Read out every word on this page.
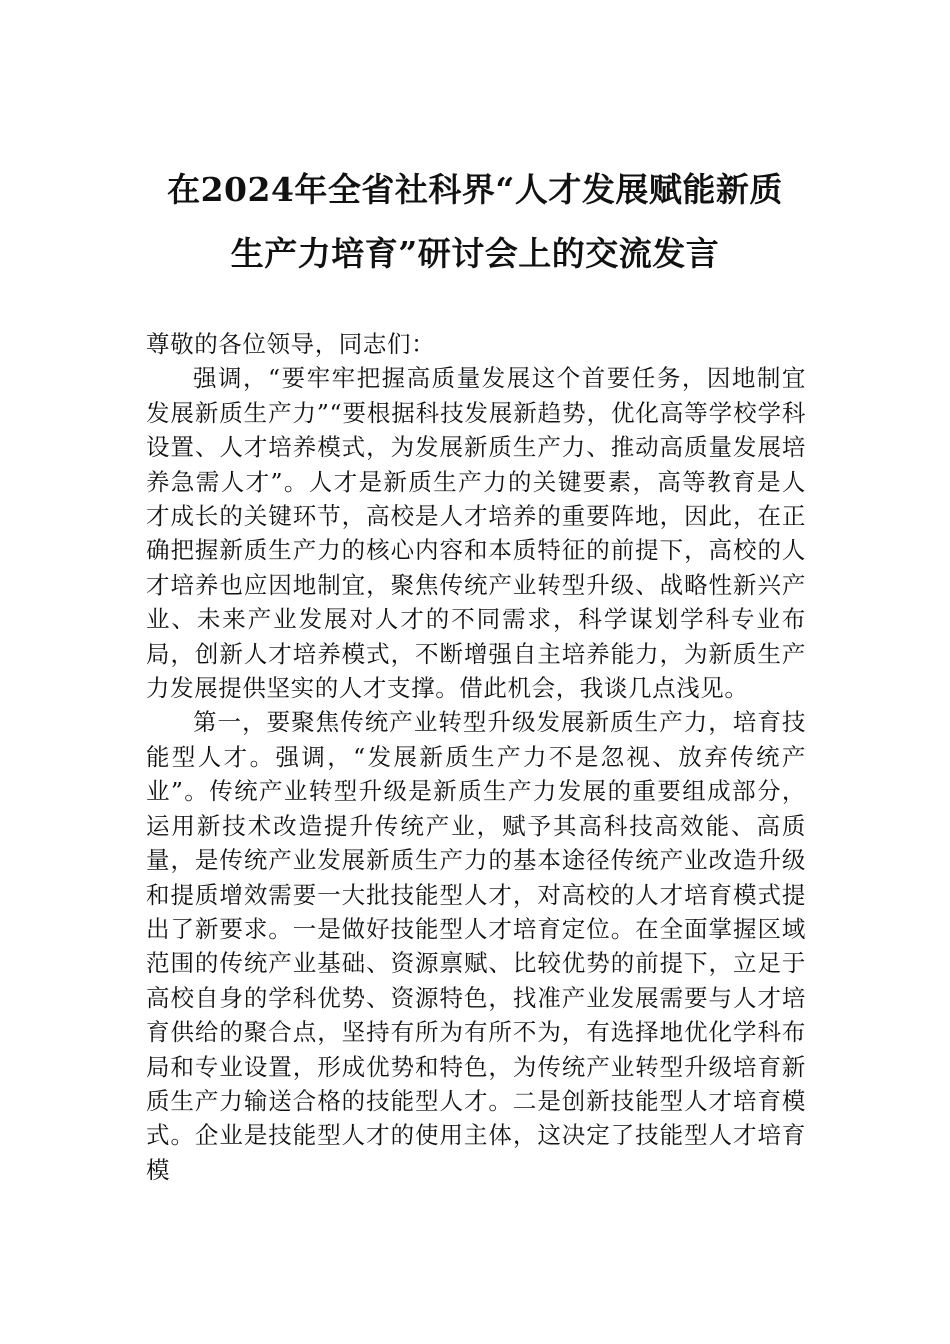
在2024年全省社科界“人才发展赋能新质
生产力培育”研讨会上的交流发言

尊敬的各位领导，同志们：

强调，“要牢牢把握高质量发展这个首要任务，因地制宜发展新质生产力”“要根据科技发展新趋势，优化高等学校学科设置、人才培养模式，为发展新质生产力、推动高质量发展培养急需人才”。人才是新质生产力的关键要素，高等教育是人才成长的关键环节，高校是人才培养的重要阵地，因此，在正确把握新质生产力的核心内容和本质特征的前提下，高校的人才培养也应因地制宜，聚焦传统产业转型升级、战略性新兴产业、未来产业发展对人才的不同需求，科学谋划学科专业布局，创新人才培养模式，不断增强自主培养能力，为新质生产力发展提供坚实的人才支撑。借此机会，我谈几点浅见。

第一，要聚焦传统产业转型升级发展新质生产力，培育技能型人才。强调，“发展新质生产力不是忽视、放弃传统产业”。传统产业转型升级是新质生产力发展的重要组成部分，运用新技术改造提升传统产业，赋予其高科技高效能、高质量，是传统产业发展新质生产力的基本途径传统产业改造升级和提质增效需要一大批技能型人才，对高校的人才培育模式提出了新要求。一是做好技能型人才培育定位。在全面掌握区域范围的传统产业基础、资源禀赋、比较优势的前提下，立足于高校自身的学科优势、资源特色，找准产业发展需要与人才培育供给的聚合点，坚持有所为有所不为，有选择地优化学科布局和专业设置，形成优势和特色，为传统产业转型升级培育新质生产力输送合格的技能型人才。二是创新技能型人才培育模式。企业是技能型人才的使用主体，这决定了技能型人才培育模
